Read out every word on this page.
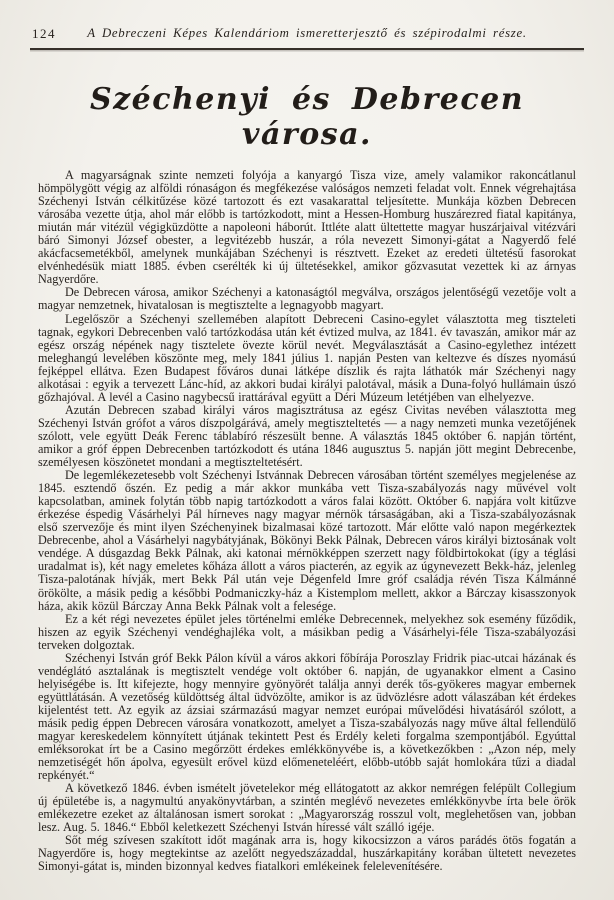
124 A Debreczeni Képes Kalendáriom ismeretterjesztő és szépirodalmi része.
Széchenyi és Debrecen városa.

A magyarságnak szinte nemzeti folyója a kanyargó Tisza vize, amely valamikor rakoncátlanul hömpölygött végig az alföldi rónaságon és megfékezése valóságos nemzeti feladat volt. Ennek végrehajtása Széchenyi István célkitűzése közé tartozott és ezt vasakarattal teljesítette. Munkája közben Debrecen városába vezette útja, ahol már előbb is tartózkodott, mint a Hessen-Homburg huszárezred fiatal kapitánya, miután már vitézül végigküzdötte a napoleoni háborút. Ittléte alatt ültettette magyar huszárjaival vitézvári báró Simonyi József obester, a legvitézebb huszár, a róla nevezett Simonyi-gátat a Nagyerdő felé akácfacsemetékből, amelynek munkájában Széchenyi is résztvett. Ezeket az eredeti ültetésű fasorokat elvénhedésük miatt 1885. évben cserélték ki új ültetésekkel, amikor gőzvasutat vezettek ki az árnyas Nagyerdőre.

De Debrecen városa, amikor Széchenyi a katonaságtól megválva, országos jelentőségű vezetője volt a magyar nemzetnek, hivatalosan is megtisztelte a legnagyobb magyart.

Legelőször a Széchenyi szellemében alapított Debreceni Casino-egylet választotta meg tiszteleti tagnak, egykori Debrecenben való tartózkodása után két évtized mulva, az 1841. év tavaszán, amikor már az egész ország népének nagy tisztelete övezte körül nevét. Megválasztását a Casino-egylethez intézett meleghangú levelében köszönte meg, mely 1841 július 1. napján Pesten van keltezve és díszes nyomású fejképpel ellátva. Ezen Budapest főváros dunai látképe díszlik és rajta láthatók már Széchenyi nagy alkotásai : egyik a tervezett Lánc-híd, az akkori budai királyi palotával, másik a Duna-folyó hullámain úszó gőzhajóval. A levél a Casino nagybecsű irattárával együtt a Déri Múzeum letétjében van elhelyezve.

Azután Debrecen szabad királyi város magisztrátusa az egész Civitas nevében választotta meg Széchenyi István grófot a város díszpolgárává, amely megtiszteltetés — a nagy nemzeti munka vezetőjének szólott, vele együtt Deák Ferenc táblabíró részesült benne. A választás 1845 október 6. napján történt, amikor a gróf éppen Debrecenben tartózkodott és utána 1846 augusztus 5. napján jött megint Debrecenbe, személyesen köszönetet mondani a megtiszteltetésért.

De legemlékezetesebb volt Széchenyi Istvánnak Debrecen városában történt személyes megjelenése az 1845. esztendő őszén. Ez pedig a már akkor munkába vett Tisza-szabályozás nagy művével volt kapcsolatban, aminek folytán több napig tartózkodott a város falai között. Október 6. napjára volt kitűzve érkezése éspedig Vásárhelyi Pál hírneves nagy magyar mérnök társaságában, aki a Tisza-szabályozásnak első szervezője és mint ilyen Széchenyinek bizalmasai közé tartozott. Már előtte való napon megérkeztek Debrecenbe, ahol a Vásárhelyi nagybátyjának, Bökönyi Bekk Pálnak, Debrecen város királyi biztosának volt vendége. A dúsgazdag Bekk Pálnak, aki katonai mérnökképpen szerzett nagy földbirtokokat (így a téglási uradalmat is), két nagy emeletes kőháza állott a város piacterén, az egyik az úgynevezett Bekk-ház, jelenleg Tisza-palotának hívják, mert Bekk Pál után veje Dégenfeld Imre gróf családja révén Tisza Kálmánné örökölte, a másik pedig a későbbi Podmaniczky-ház a Kistemplom mellett, akkor a Bárczay kisasszonyok háza, akik közül Bárczay Anna Bekk Pálnak volt a felesége.

Ez a két régi nevezetes épület jeles történelmi emléke Debrecennek, melyekhez sok esemény fűződik, hiszen az egyik Széchenyi vendéghajléka volt, a másikban pedig a Vásárhelyi-féle Tisza-szabályozási terveken dolgoztak.

Széchenyi István gróf Bekk Pálon kívül a város akkori főbírája Poroszlay Fridrik piac-utcai házának és vendéglátó asztalának is megtisztelt vendége volt október 6. napján, de ugyanakkor elment a Casino helyiségébe is. Itt kifejezte, hogy mennyire gyönyörét találja annyi derék tős-gyökeres magyar embernek együttlátásán. A vezetőség küldöttség által üdvözölte, amikor is az üdvözlésre adott válaszában két érdekes kijelentést tett. Az egyik az ázsiai származású magyar nemzet európai művelődési hivatásáról szólott, a másik pedig éppen Debrecen városára vonatkozott, amelyet a Tisza-szabályozás nagy műve által fellendülő magyar kereskedelem könnyített útjának tekintett Pest és Erdély keleti forgalma szempontjából. Egyúttal emléksorokat írt be a Casino megőrzött érdekes emlékkönyvébe is, a következőkben : „Azon nép, mely nemzetiségét hőn ápolva, egyesült erővel küzd előmeneteléért, előbb-utóbb saját homlokára tűzi a diadal repkényét.“

A következő 1846. évben ismételt jövetelekor még ellátogatott az akkor nemrégen felépült Collegium új épületébe is, a nagymultú anyakönyvtárban, a szintén meglévő nevezetes emlékkönyvbe írta bele örök emlékezetre ezeket az általánosan ismert sorokat : „Magyarország rosszul volt, meglehetősen van, jobban lesz. Aug. 5. 1846.“ Ebből keletkezett Széchenyi István híressé vált szálló igéje.

Sőt még szívesen szakított időt magának arra is, hogy kikocsizzon a város parádés ötös fogatán a Nagyerdőre is, hogy megtekintse az azelőtt negyedszázaddal, huszárkapitány korában ültetett nevezetes Simonyi-gátat is, minden bizonnyal kedves fiatalkori emlékeinek felelevenítésére.
